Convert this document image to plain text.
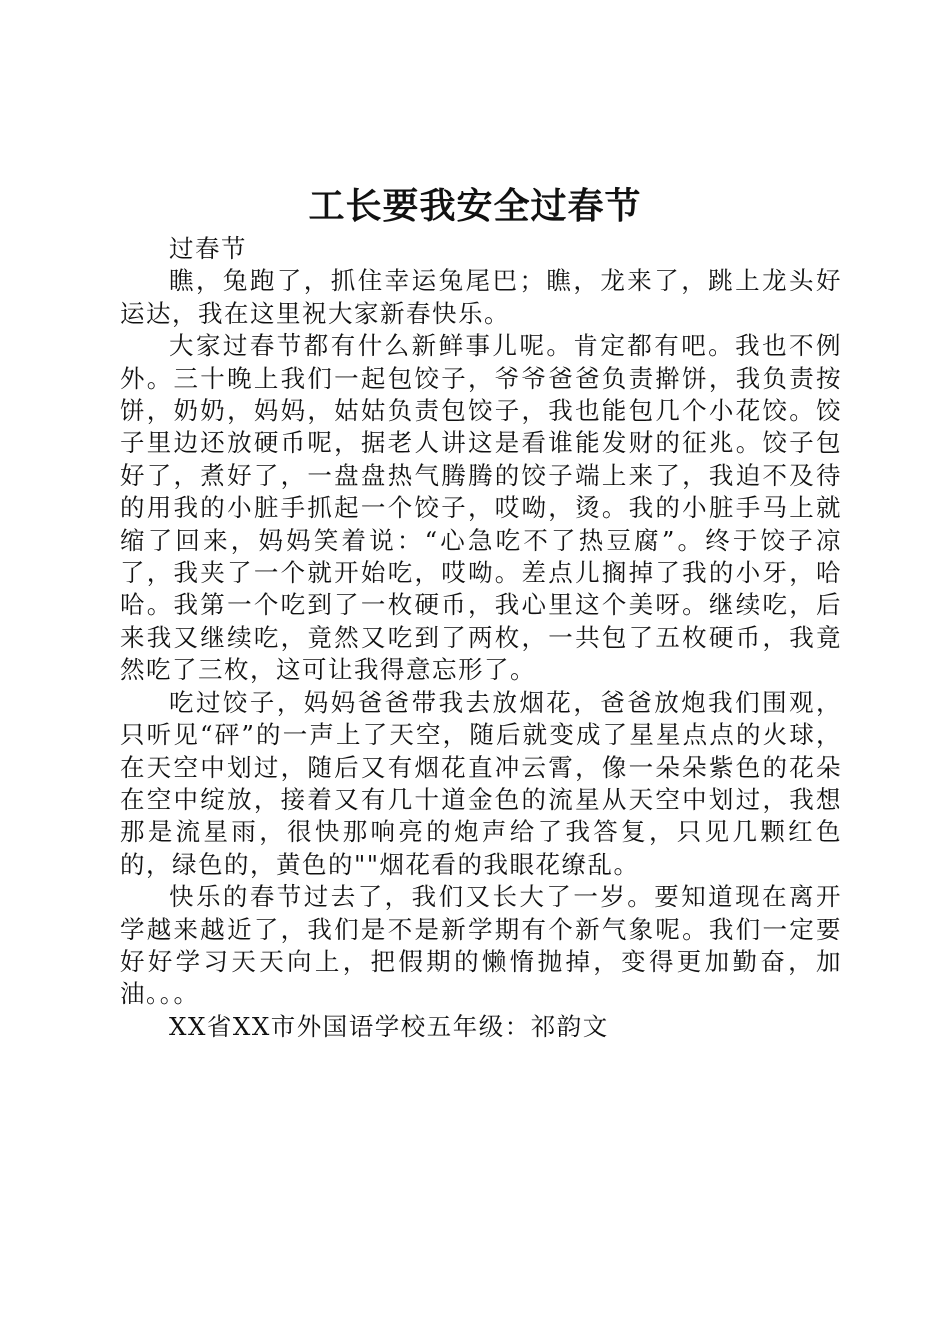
工长要我安全过春节

过春节

瞧，兔跑了，抓住幸运兔尾巴；瞧，龙来了，跳上龙头好运达，我在这里祝大家新春快乐。

大家过春节都有什么新鲜事儿呢。肯定都有吧。我也不例外。三十晚上我们一起包饺子，爷爷爸爸负责擀饼，我负责按饼，奶奶，妈妈，姑姑负责包饺子，我也能包几个小花饺。饺子里边还放硬币呢，据老人讲这是看谁能发财的征兆。饺子包好了，煮好了，一盘盘热气腾腾的饺子端上来了，我迫不及待的用我的小脏手抓起一个饺子，哎呦，烫。我的小脏手马上就缩了回来，妈妈笑着说：“心急吃不了热豆腐”。终于饺子凉了，我夹了一个就开始吃，哎呦。差点儿搁掉了我的小牙，哈哈。我第一个吃到了一枚硬币，我心里这个美呀。继续吃，后来我又继续吃，竟然又吃到了两枚，一共包了五枚硬币，我竟然吃了三枚，这可让我得意忘形了。

吃过饺子，妈妈爸爸带我去放烟花，爸爸放炮我们围观，只听见“砰”的一声上了天空，随后就变成了星星点点的火球，在天空中划过，随后又有烟花直冲云霄，像一朵朵紫色的花朵在空中绽放，接着又有几十道金色的流星从天空中划过，我想那是流星雨，很快那响亮的炮声给了我答复，只见几颗红色的，绿色的，黄色的""烟花看的我眼花缭乱。

快乐的春节过去了，我们又长大了一岁。要知道现在离开学越来越近了，我们是不是新学期有个新气象呢。我们一定要好好学习天天向上，把假期的懒惰抛掉，变得更加勤奋，加油。。。

XX省XX市外国语学校五年级：祁韵文
